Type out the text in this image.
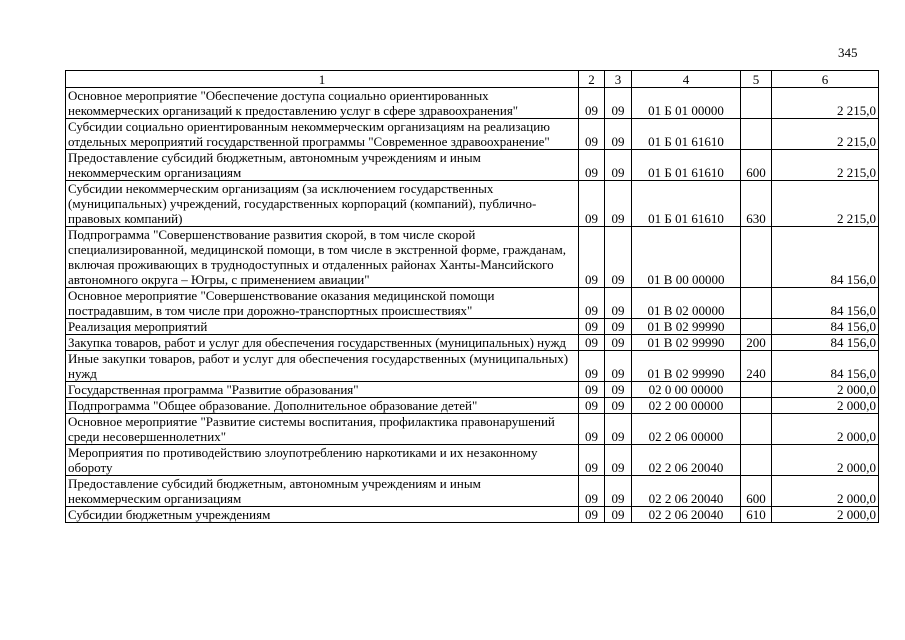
345
1	2	3	4	5	6
Основное мероприятие "Обеспечение доступа социально ориентированных некоммерческих организаций к предоставлению услуг в сфере здравоохранения"	09	09	01 Б 01 00000		2 215,0
Субсидии социально ориентированным некоммерческим организациям на реализацию отдельных мероприятий государственной программы "Современное здравоохранение"	09	09	01 Б 01 61610		2 215,0
Предоставление субсидий бюджетным, автономным учреждениям и иным некоммерческим организациям	09	09	01 Б 01 61610	600	2 215,0
Субсидии некоммерческим организациям (за исключением государственных (муниципальных) учреждений, государственных корпораций (компаний), публично-правовых компаний)	09	09	01 Б 01 61610	630	2 215,0
Подпрограмма "Совершенствование развития скорой, в том числе скорой специализированной, медицинской помощи, в том числе в экстренной форме, гражданам, включая проживающих в труднодоступных и отдаленных районах Ханты-Мансийского автономного округа – Югры, с применением авиации"	09	09	01 В 00 00000		84 156,0
Основное мероприятие "Совершенствование оказания медицинской помощи пострадавшим, в том числе при дорожно-транспортных происшествиях"	09	09	01 В 02 00000		84 156,0
Реализация мероприятий	09	09	01 В 02 99990		84 156,0
Закупка товаров, работ и услуг для обеспечения государственных (муниципальных) нужд	09	09	01 В 02 99990	200	84 156,0
Иные закупки товаров, работ и услуг для обеспечения государственных (муниципальных) нужд	09	09	01 В 02 99990	240	84 156,0
Государственная программа "Развитие образования"	09	09	02 0 00 00000		2 000,0
Подпрограмма "Общее образование. Дополнительное образование детей"	09	09	02 2 00 00000		2 000,0
Основное мероприятие "Развитие системы воспитания, профилактика правонарушений среди несовершеннолетних"	09	09	02 2 06 00000		2 000,0
Мероприятия по противодействию злоупотреблению наркотиками и их незаконному обороту	09	09	02 2 06 20040		2 000,0
Предоставление субсидий бюджетным, автономным учреждениям и иным некоммерческим организациям	09	09	02 2 06 20040	600	2 000,0
Субсидии бюджетным учреждениям	09	09	02 2 06 20040	610	2 000,0
